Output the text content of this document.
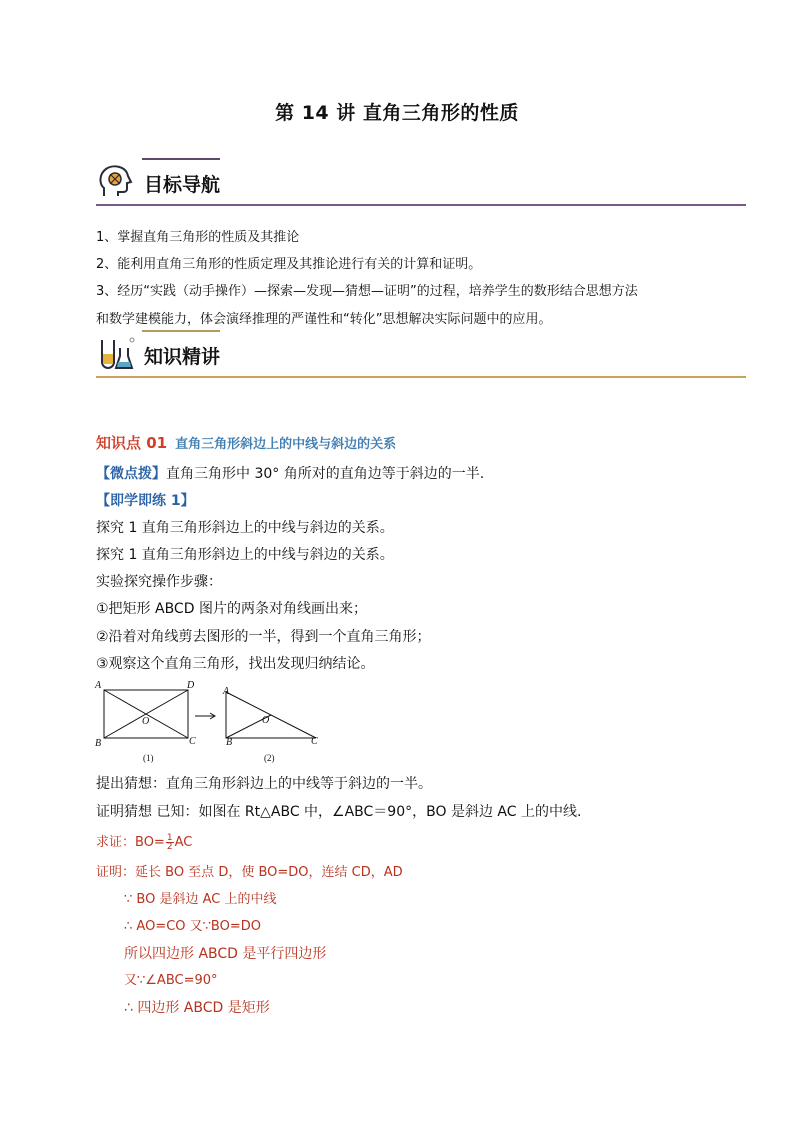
第 14 讲 直角三角形的性质
目标导航
1、掌握直角三角形的性质及其推论
2、能利用直角三角形的性质定理及其推论进行有关的计算和证明。
3、经历“实践（动手操作）—探索—发现—猜想—证明”的过程，培养学生的数形结合思想方法
和数学建模能力，体会演绎推理的严谨性和“转化”思想解决实际问题中的应用。
知识精讲
知识点 01 直角三角形斜边上的中线与斜边的关系
【微点拨】直角三角形中 30° 角所对的直角边等于斜边的一半.
【即学即练 1】
探究 1 直角三角形斜边上的中线与斜边的关系。
探究 1 直角三角形斜边上的中线与斜边的关系。
实验探究操作步骤：
①把矩形 ABCD 图片的两条对角线画出来；
②沿着对角线剪去图形的一半，得到一个直角三角形；
③观察这个直角三角形，找出发现归纳结论。
A	D
B	C
O
A
B	C
O
(1)	(2)
提出猜想：直角三角形斜边上的中线等于斜边的一半。
证明猜想 已知：如图在 Rt△ABC 中，∠ABC＝90°，BO 是斜边 AC 上的中线.
求证：$BO= \frac{1}{2}$ AC
证明：延长 BO 至点 D，使 BO=DO，连结 CD，AD
∵ BO 是斜边 AC 上的中线
∴ AO=CO 又∵BO=DO
所以四边形 ABCD 是平行四边形
又∵∠ABC=90°
∴ 四边形 ABCD 是矩形
